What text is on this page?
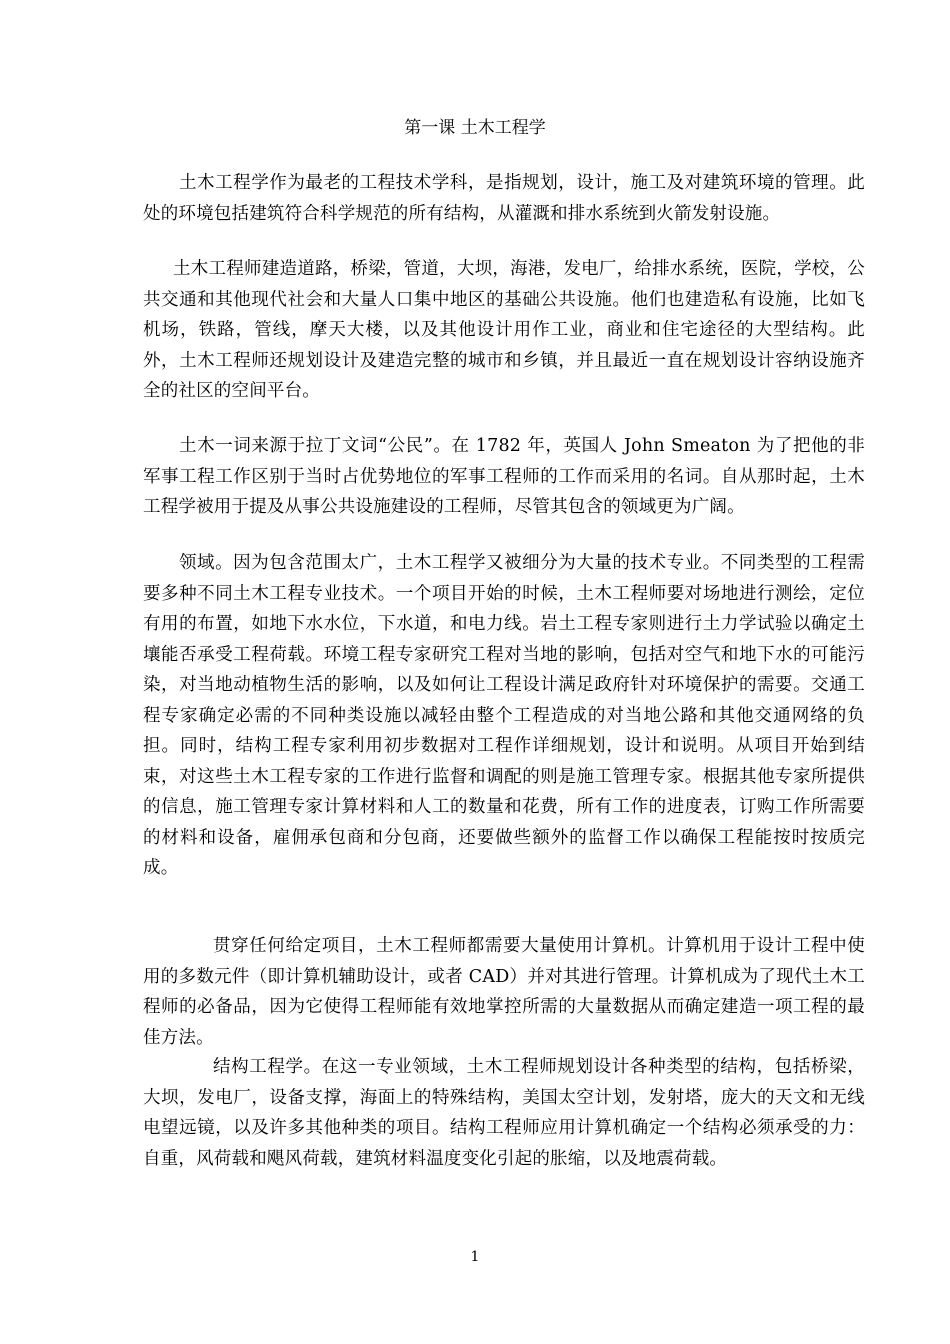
第一课 土木工程学

土木工程学作为最老的工程技术学科，是指规划，设计，施工及对建筑环境的管理。此处的环境包括建筑符合科学规范的所有结构，从灌溉和排水系统到火箭发射设施。

土木工程师建造道路，桥梁，管道，大坝，海港，发电厂，给排水系统，医院，学校，公共交通和其他现代社会和大量人口集中地区的基础公共设施。他们也建造私有设施，比如飞机场，铁路，管线，摩天大楼，以及其他设计用作工业，商业和住宅途径的大型结构。此外，土木工程师还规划设计及建造完整的城市和乡镇，并且最近一直在规划设计容纳设施齐全的社区的空间平台。

土木一词来源于拉丁文词“公民”。在 1782 年，英国人 John Smeaton 为了把他的非军事工程工作区别于当时占优势地位的军事工程师的工作而采用的名词。自从那时起，土木工程学被用于提及从事公共设施建设的工程师，尽管其包含的领域更为广阔。

领域。因为包含范围太广，土木工程学又被细分为大量的技术专业。不同类型的工程需要多种不同土木工程专业技术。一个项目开始的时候，土木工程师要对场地进行测绘，定位有用的布置，如地下水水位，下水道，和电力线。岩土工程专家则进行土力学试验以确定土壤能否承受工程荷载。环境工程专家研究工程对当地的影响，包括对空气和地下水的可能污染，对当地动植物生活的影响，以及如何让工程设计满足政府针对环境保护的需要。交通工程专家确定必需的不同种类设施以减轻由整个工程造成的对当地公路和其他交通网络的负担。同时，结构工程专家利用初步数据对工程作详细规划，设计和说明。从项目开始到结束，对这些土木工程专家的工作进行监督和调配的则是施工管理专家。根据其他专家所提供的信息，施工管理专家计算材料和人工的数量和花费，所有工作的进度表，订购工作所需要的材料和设备，雇佣承包商和分包商，还要做些额外的监督工作以确保工程能按时按质完成。

贯穿任何给定项目，土木工程师都需要大量使用计算机。计算机用于设计工程中使用的多数元件（即计算机辅助设计，或者 CAD）并对其进行管理。计算机成为了现代土木工程师的必备品，因为它使得工程师能有效地掌控所需的大量数据从而确定建造一项工程的最佳方法。

结构工程学。在这一专业领域，土木工程师规划设计各种类型的结构，包括桥梁，大坝，发电厂，设备支撑，海面上的特殊结构，美国太空计划，发射塔，庞大的天文和无线电望远镜，以及许多其他种类的项目。结构工程师应用计算机确定一个结构必须承受的力：自重，风荷载和飓风荷载，建筑材料温度变化引起的胀缩，以及地震荷载。

1
